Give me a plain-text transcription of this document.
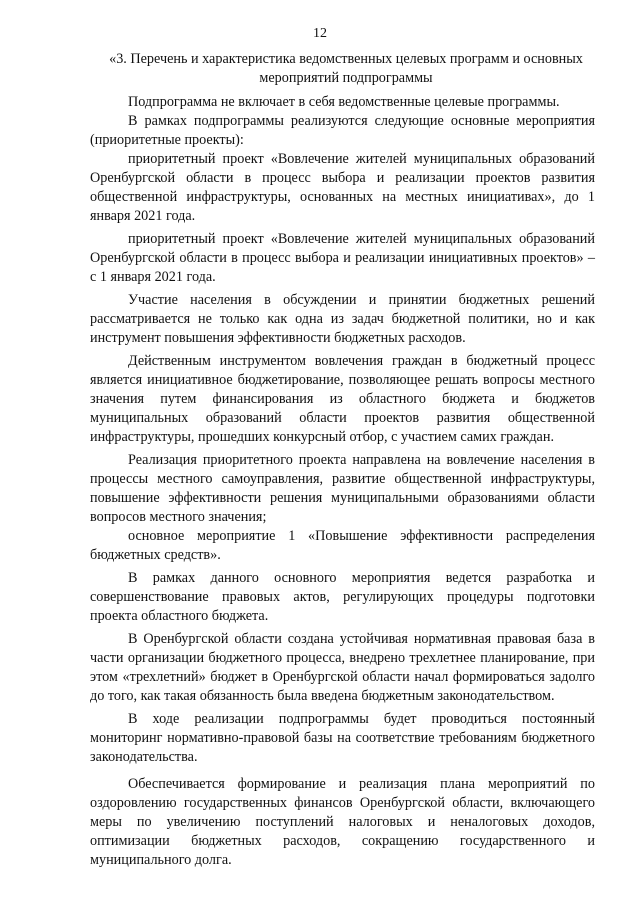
12
«3. Перечень и характеристика ведомственных целевых программ и основных мероприятий подпрограммы

Подпрограмма не включает в себя ведомственные целевые программы.

В рамках подпрограммы реализуются следующие основные мероприятия (приоритетные проекты):

приоритетный проект «Вовлечение жителей муниципальных образований Оренбургской области в процесс выбора и реализации проектов развития общественной инфраструктуры, основанных на местных инициативах», до 1 января 2021 года.

приоритетный проект «Вовлечение жителей муниципальных образований Оренбургской области в процесс выбора и реализации инициативных проектов» – с 1 января 2021 года.

Участие населения в обсуждении и принятии бюджетных решений рассматривается не только как одна из задач бюджетной политики, но и как инструмент повышения эффективности бюджетных расходов.

Действенным инструментом вовлечения граждан в бюджетный процесс является инициативное бюджетирование, позволяющее решать вопросы местного значения путем финансирования из областного бюджета и бюджетов муниципальных образований области проектов развития общественной инфраструктуры, прошедших конкурсный отбор, с участием самих граждан.

Реализация приоритетного проекта направлена на вовлечение населения в процессы местного самоуправления, развитие общественной инфраструктуры, повышение эффективности решения муниципальными образованиями области вопросов местного значения;

основное мероприятие 1 «Повышение эффективности распределения бюджетных средств».

В рамках данного основного мероприятия ведется разработка и совершенствование правовых актов, регулирующих процедуры подготовки проекта областного бюджета.

В Оренбургской области создана устойчивая нормативная правовая база в части организации бюджетного процесса, внедрено трехлетнее планирование, при этом «трехлетний» бюджет в Оренбургской области начал формироваться задолго до того, как такая обязанность была введена бюджетным законодательством.

В ходе реализации подпрограммы будет проводиться постоянный мониторинг нормативно-правовой базы на соответствие требованиям бюджетного законодательства.

Обеспечивается формирование и реализация плана мероприятий по оздоровлению государственных финансов Оренбургской области, включающего меры по увеличению поступлений налоговых и неналоговых доходов, оптимизации бюджетных расходов, сокращению государственного и муниципального долга.
